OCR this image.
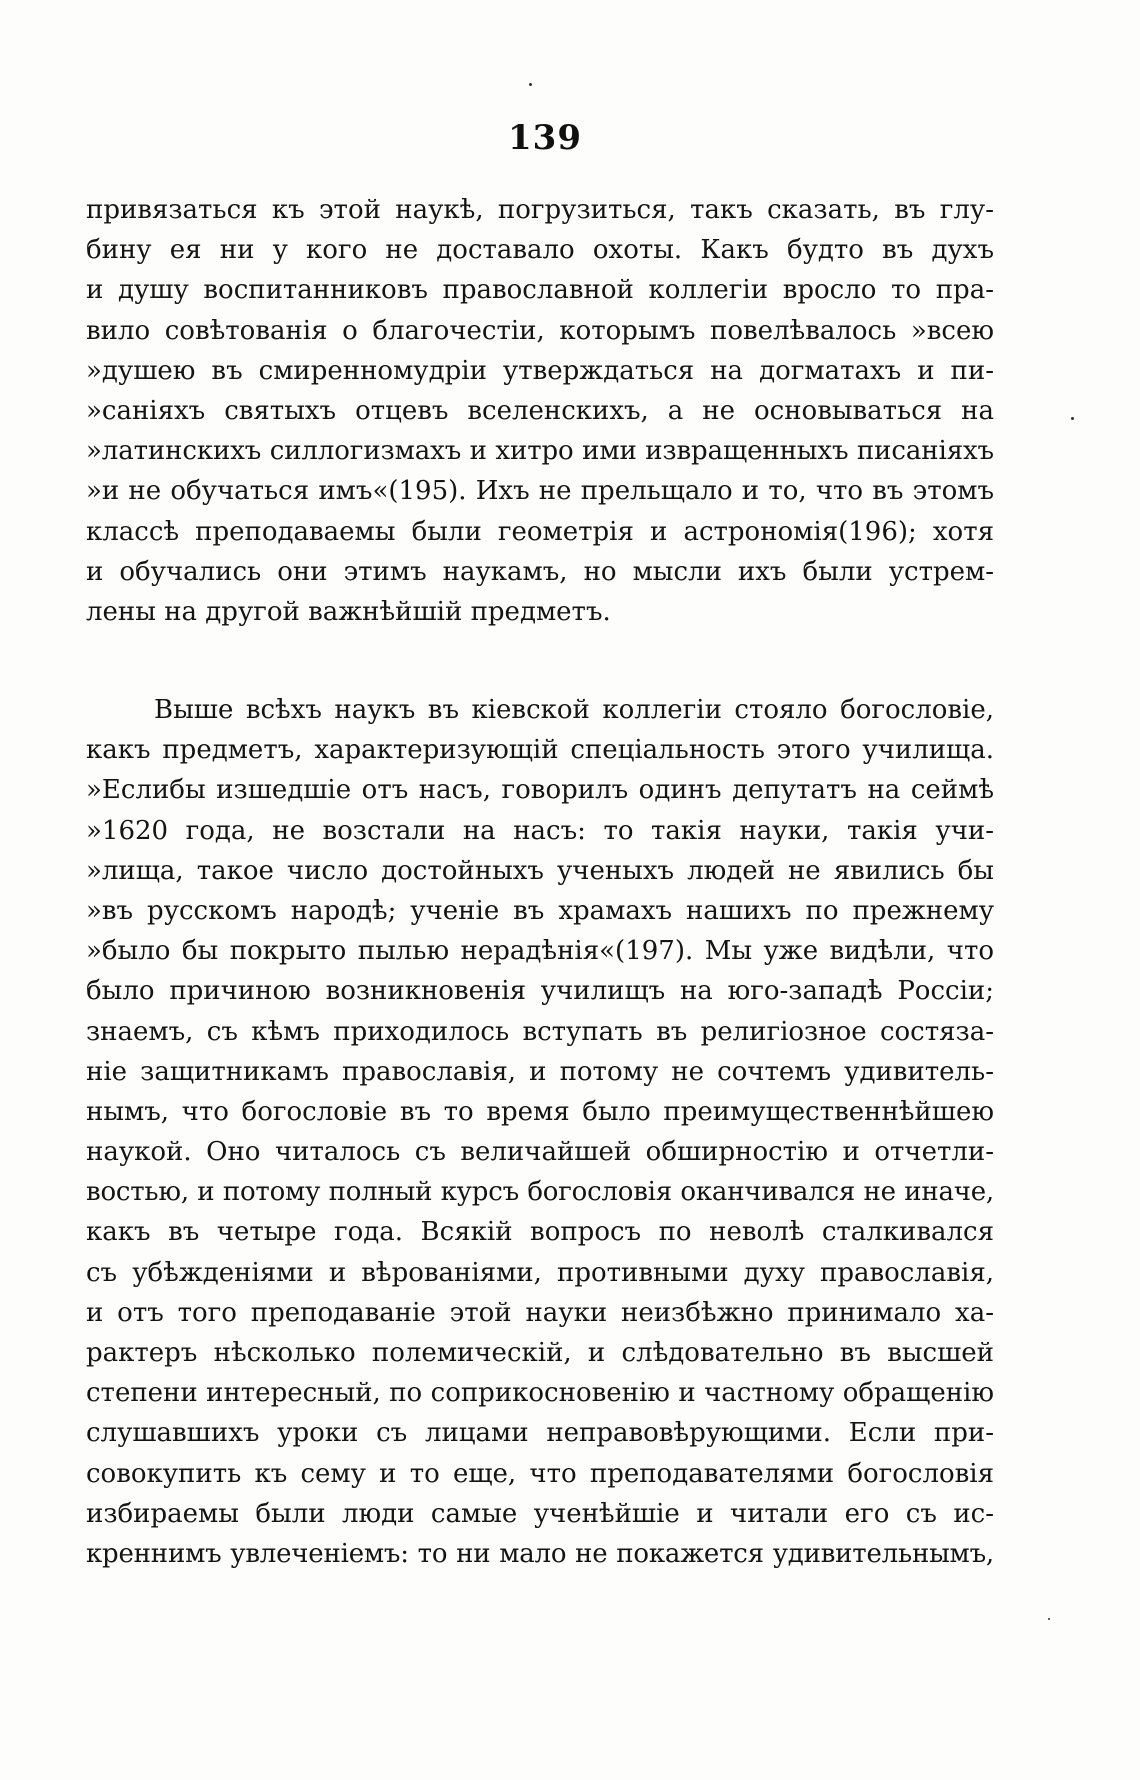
139
привязаться къ этой наукѣ, погрузиться, такъ сказать, въ глу-
бину ея ни у кого не доставало охоты. Какъ будто въ духъ
и душу воспитанниковъ православной коллегіи вросло то пра-
вило совѣтованія о благочестіи, которымъ повелѣвалось »всею
»душею въ смиренномудріи утверждаться на догматахъ и пи-
»саніяхъ святыхъ отцевъ вселенскихъ, а не основываться на
»латинскихъ силлогизмахъ и хитро ими извращенныхъ писаніяхъ
»и не обучаться имъ«(195). Ихъ не прельщало и то, что въ этомъ
классѣ преподаваемы были геометрія и астрономія(196); хотя
и обучались они этимъ наукамъ, но мысли ихъ были устрем-
лены на другой важнѣйшій предметъ.
Выше всѣхъ наукъ въ кіевской коллегіи стояло богословіе,
какъ предметъ, характеризующій спеціальность этого училища.
»Еслибы изшедшіе отъ насъ, говорилъ одинъ депутатъ на сеймѣ
»1620 года, не возстали на насъ: то такія науки, такія учи-
»лища, такое число достойныхъ ученыхъ людей не явились бы
»въ русскомъ народѣ; ученіе въ храмахъ нашихъ по прежнему
»было бы покрыто пылью нерадѣнія«(197). Мы уже видѣли, что
было причиною возникновенія училищъ на юго-западѣ Россіи;
знаемъ, съ кѣмъ приходилось вступать въ религіозное состяза-
ніе защитникамъ православія, и потому не сочтемъ удивитель-
нымъ, что богословіе въ то время было преимущественнѣйшею
наукой. Оно читалось съ величайшей обширностію и отчетли-
востью, и потому полный курсъ богословія оканчивался не иначе,
какъ въ четыре года. Всякій вопросъ по неволѣ сталкивался
съ убѣжденіями и вѣрованіями, противными духу православія,
и отъ того преподаваніе этой науки неизбѣжно принимало ха-
рактеръ нѣсколько полемическій, и слѣдовательно въ высшей
степени интересный, по соприкосновенію и частному обращенію
слушавшихъ уроки съ лицами неправовѣрующими. Если при-
совокупить къ сему и то еще, что преподавателями богословія
избираемы были люди самые ученѣйшіе и читали его съ ис-
креннимъ увлеченіемъ: то ни мало не покажется удивительнымъ,
